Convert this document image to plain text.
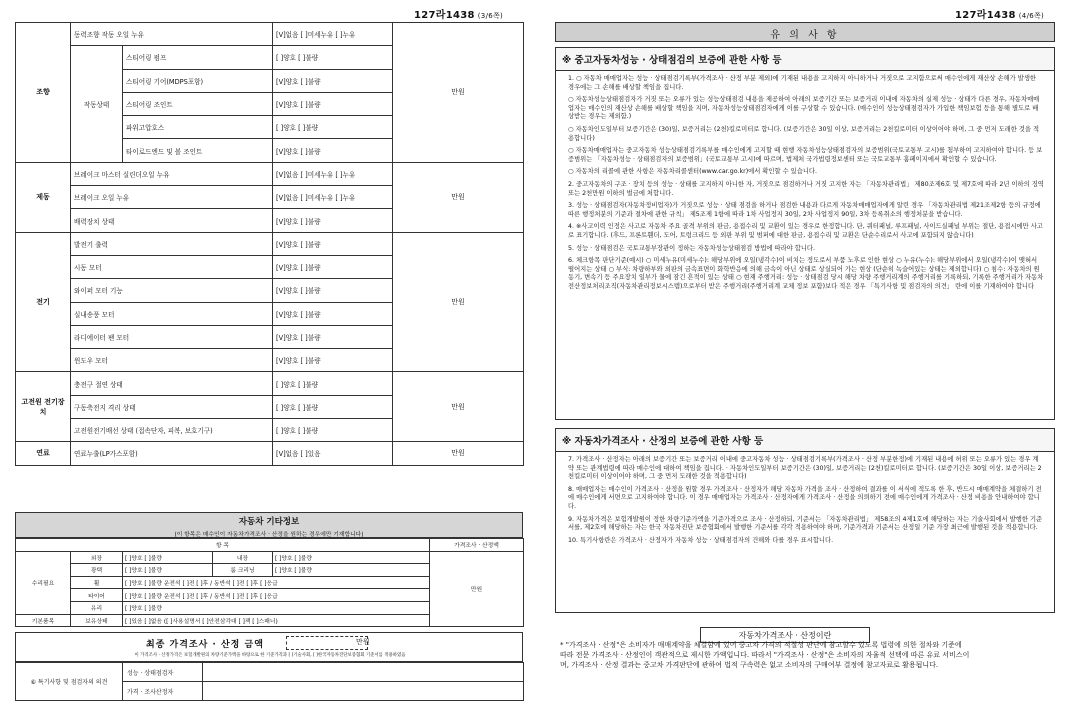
127라1438 (3/6쪽)
조향	동력조향 작동 오일 누유		[V]없음 [ ]미세누유 [ ]누유	만원
	작동상태	스티어링 펌프	[ ]양호 [ ]불량	
		스티어링 기어(MDPS포함)	[V]양호 [ ]불량	
		스티어링 조인트	[V]양호 [ ]불량	
		파워고압호스	[ ]양호 [ ]불량	
		타이로드엔드 및 볼 조인트	[V]양호 [ ]불량	
제동	브레이크 마스터 실린더오일 누유		[V]없음 [ ]미세누유 [ ]누유	만원
	브레이크 오일 누유		[V]없음 [ ]미세누유 [ ]누유	
	배력장치 상태		[V]양호 [ ]불량	
전기	발전기 출력		[V]양호 [ ]불량	만원
	시동 모터		[V]양호 [ ]불량	
	와이퍼 모터 기능		[V]양호 [ ]불량	
	실내송풍 모터		[V]양호 [ ]불량	
	라디에이터 팬 모터		[V]양호 [ ]불량	
	윈도우 모터		[V]양호 [ ]불량	
고전원 전기장치	충전구 절연 상태		[ ]양호 [ ]불량	만원
	구동축전지 격리 상태		[ ]양호 [ ]불량	
	고전원전기배선 상태 (접속단자, 피복, 보호기구)		[ ]양호 [ ]불량	
연료	연료누출(LP가스포함)		[V]없음 [ ]있음	만원
자동차 기타정보
(이 항목은 매수인이 자동차가격조사 · 산정을 원하는 경우에만 기재합니다)
항 목					가격조사 · 산정액
수리필요	외장	[ ]양호 [ ]불량	내장	[ ]양호 [ ]불량	만원
	광택	[ ]양호 [ ]불량	룸 크리닝	[ ]양호 [ ]불량	
	휠	[ ]양호 [ ]불량 운전석 [ ]전 [ ]후 / 동반석 [ ]전 [ ]후 [ ]응급			
	타이어	[ ]양호 [ ]불량 운전석 [ ]전 [ ]후 / 동반석 [ ]전 [ ]후 [ ]응급			
	유리	[ ]양호 [ ]불량			
기본품목	보유상태	[ ]있음 [ ]없음 ([ ]사용설명서 [ ]안전삼각대 [ ]잭 [ ]스패너)			
최종 가격조사 · 산정 금액	만원
이 가격조사 · 산정가격은 보험개발원의 차량기준가액을 바탕으로 한 기준가격과 [ ]기술사회, [ ]한국자동차진단보증협회 기준서를 적용하였음
⑥ 특기사항 및 점검자의 의견	성능 · 상태점검자	
	가격 · 조사산정자	
127라1438 (4/6쪽)
유 의 사 항
※ 중고자동차성능 · 상태점검의 보증에 관한 사항 등

1. ○ 자동차 매매업자는 성능 · 상태점검기록부(가격조사 · 산정 부분 제외)에 기재된 내용을 고지하지 아니하거나 거짓으로 고지함으로써 매수인에게 재산상 손해가 발생한 경우에는 그 손해를 배상할 책임을 집니다.

○ 자동차성능상태점검자가 거짓 또는 오류가 있는 성능상태점검 내용을 제공하여 아래의 보증기간 또는 보증거리 이내에 자동차의 실제 성능 · 상태가 다른 경우, 자동차매매업자는 매수인의 재산상 손해를 배상할 책임을 지며, 자동차성능상태점검자에게 이를 구상할 수 있습니다. (매수인이 성능상태점검자가 가입한 책임보험 등을 통해 별도로 배상받는 경우는 제외함.)

○ 자동차인도일부터 보증기간은 (30)일, 보증거리는 (2천)킬로미터로 합니다. (보증기간은 30일 이상, 보증거리는 2천킬로미터 이상이어야 하며, 그 중 먼저 도래한 것을 적용합니다)

○ 자동차매매업자는 중고자동차 성능상태점검기록부를 매수인에게 고지할 때 현행 자동차성능상태점검자의 보증범위(국토교통부 고시)를 첨부하여 고지하여야 합니다. 등 보증범위는 「자동차성능 · 상태점검자의 보증범위」(국토교통부 고시)에 따르며, 법제처 국가법령정보센터 또는 국토교통부 홈페이지에서 확인할 수 있습니다.

○ 자동차의 리콜에 관한 사항은 자동차리콜센터(www.car.go.kr)에서 확인할 수 있습니다.

2. 중고자동차의 구조 · 장치 등의 성능 · 상태를 고지하지 아니한 자, 거짓으로 점검하거나 거짓 고지한 자는 「자동차관리법」 제80조제6호 및 제7호에 따라 2년 이하의 징역 또는 2천만원 이하의 벌금에 처합니다.

3. 성능 · 상태점검자(자동차정비업자)가 거짓으로 성능 · 상태 점검을 하거나 점검한 내용과 다르게 자동차매매업자에게 알린 경우 「자동차관리법 제21조제2항 등의 규정에 따른 행정처분의 기준과 절차에 관한 규칙」 제5조제 1항에 따라 1차 사업정지 30일, 2차 사업정지 90일, 3차 등록취소의 행정처분을 받습니다.

4. ※사고이력 인정은 사고로 자동차 주요 골격 부위의 판금, 용접수리 및 교환이 있는 경우로 한정합니다. 단, 쿼터패널, 루프패널, 사이드실패널 부위는 절단, 용접시에만 사고로 표기합니다. (후드, 프론트휀더, 도어, 트렁크리드 등 외판 부위 및 범퍼에 대한 판금, 용접수리 및 교환은 단순수리로서 사고에 포함되지 않습니다)

5. 성능 · 상태점검은 국토교통부장관이 정하는 자동차성능상태점검 방법에 따라야 합니다.

6. 체크항목 판단기준(예시) ○ 미세누유(미세누수): 해당부위에 오일(냉각수)이 비치는 정도로서 부품 노후로 인한 현상 ○ 누유(누수): 해당부위에서 오일(냉각수)이 맺혀서 떨어지는 상태 ○ 부식: 차량하부와 외판의 금속표면이 화학반응에 의해 금속이 아닌 상태로 상실되어 가는 현상 (단순히 녹슬어있는 상태는 제외합니다) ○ 침수: 자동차의 원동기, 변속기 등 주요장치 일부가 물에 잠긴 흔적이 있는 상태 ○ 현재 주행거리: 성능 · 상태점검 당시 해당 차량 주행거리계의 주행거리를 기록하되, 기록한 주행거리가 자동차전산정보처리조직(자동차관리정보시스템)으로부터 받은 주행거리(주행거리계 교체 정보 포함)보다 적은 경우 「특기사항 및 점검자의 의견」 란에 이를 기재하여야 합니다

※ 자동차가격조사 · 산정의 보증에 관한 사항 등

7. 가격조사 · 산정자는 아래의 보증기간 또는 보증거리 이내에 중고자동차 성능 · 상태점검기록부(가격조사 · 산정 부분한정)에 기재된 내용에 허위 또는 오류가 있는 경우 계약 또는 관계법령에 따라 매수인에 대하여 책임을 집니다. · 자동차인도일부터 보증기간은 (30)일, 보증거리는 (2천)킬로미터로 합니다. (보증기간은 30일 이상, 보증거리는 2천킬로미터 이상이어야 하며, 그 중 먼저 도래한 것을 적용합니다)

8. 매매업자는 매수인이 가격조사 · 산정을 원할 경우 가격조사 · 산정자가 해당 자동차 가격을 조사 · 산정하여 결과를 이 서식에 적도록 한 후, 반드시 매매계약을 체결하기 전에 매수인에게 서면으로 고지하여야 합니다. 이 경우 매매업자는 가격조사 · 산정자에게 가격조사 · 산정을 의뢰하기 전에 매수인에게 가격조사 · 산정 비용을 안내하여야 합니다.

9. 자동차가격은 보험개발원이 정한 차량기준가액을 기준가격으로 조사 · 산정하되, 기준서는 「자동차관리법」 제58조의 4제1호에 해당하는 자는 기술사회에서 발행한 기준서를, 제2호에 해당하는 자는 한국 자동차진단 보증협회에서 발행한 기준서를 각각 적용하여야 하며, 기준가격과 기준서는 산정일 기준 가장 최근에 발행된 것을 적용합니다.

10. 특기사항란은 가격조사 · 산정자가 자동차 성능 · 상태점검자의 건해와 다를 경우 표시합니다.

자동차가격조사 · 산정이란
* "가격조사 · 산정"은 소비자가 매매계약을 체결함에 있어 중고차 가격의 적절성 판단에 참고할수 있도록 법령에 의한 절차와 기준에 따라 전문 가격조사 · 산정인이 객관적으로 제시한 가액입니다. 따라서 "가격조사 · 산정"은 소비자의 자율적 선택에 따른 유료 서비스이며, 가격조사 · 산정 결과는 중고차 가격판단에 관하여 법적 구속력은 없고 소비자의 구매여부 결정에 참고자료로 활용됩니다.
